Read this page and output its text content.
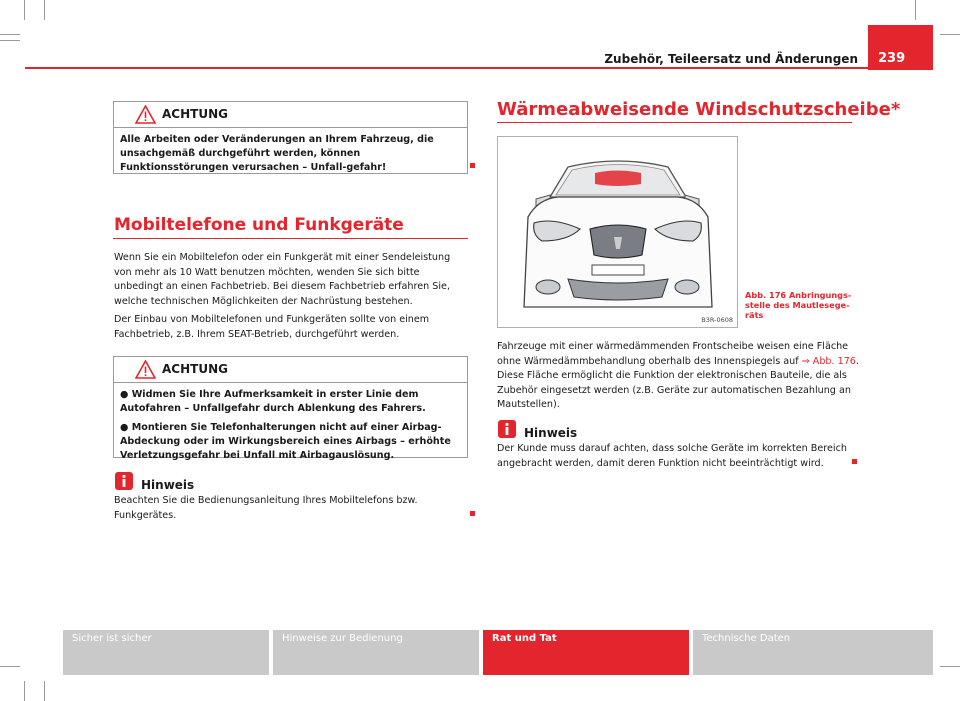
Zubehör, Teileersatz und Änderungen	239
ACHTUNG

Alle Arbeiten oder Veränderungen an Ihrem Fahrzeug, die unsachgemäß durchgeführt werden, können Funktionsstörungen verursachen – Unfall-gefahr!

Mobiltelefone und Funkgeräte

Wenn Sie ein Mobiltelefon oder ein Funkgerät mit einer Sendeleistung von mehr als 10 Watt benutzen möchten, wenden Sie sich bitte unbedingt an einen Fachbetrieb. Bei diesem Fachbetrieb erfahren Sie, welche technischen Möglichkeiten der Nachrüstung bestehen.

Der Einbau von Mobiltelefonen und Funkgeräten sollte von einem Fachbetrieb, z.B. Ihrem SEAT-Betrieb, durchgeführt werden.

ACHTUNG

● Widmen Sie Ihre Aufmerksamkeit in erster Linie dem Autofahren – Unfallgefahr durch Ablenkung des Fahrers.

● Montieren Sie Telefonhalterungen nicht auf einer Airbag-Abdeckung oder im Wirkungsbereich eines Airbags – erhöhte Verletzungsgefahr bei Unfall mit Airbagauslösung.

Hinweis

Beachten Sie die Bedienungsanleitung Ihres Mobiltelefons bzw. Funkgerätes.

Wärmeabweisende Windschutzscheibe*
B3R-0608
Abb. 176 Anbringungs-stelle des Mautlesege-räts

Fahrzeuge mit einer wärmedämmenden Frontscheibe weisen eine Fläche ohne Wärmedämmbehandlung oberhalb des Innenspiegels auf ⇒ Abb. 176. Diese Fläche ermöglicht die Funktion der elektronischen Bauteile, die als Zubehör eingesetzt werden (z.B. Geräte zur automatischen Bezahlung an Mautstellen).

Hinweis

Der Kunde muss darauf achten, dass solche Geräte im korrekten Bereich angebracht werden, damit deren Funktion nicht beeinträchtigt wird.

Sicher ist sicher	Hinweise zur Bedienung	Rat und Tat	Technische Daten
